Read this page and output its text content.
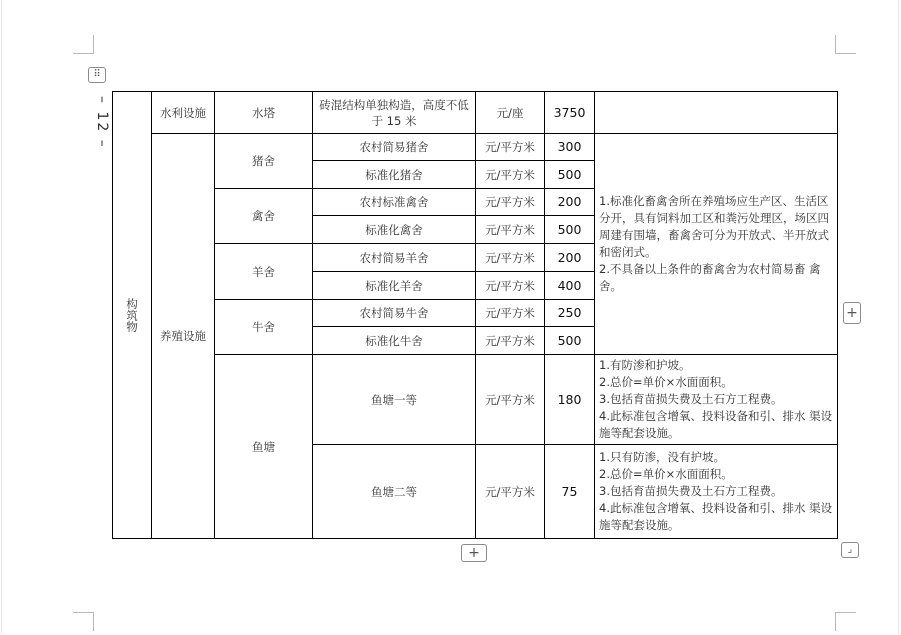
– 12 –
⠿
构筑物	水利设施	水塔	砖混结构单独构造，高度不低于 15 米	元/座	3750	
	养殖设施	猪舍	农村简易猪舍	元/平方米	300	1.标准化畜禽舍所在养殖场应生产区、生活区分开，具有饲料加工区和粪污处理区，场区四周建有围墙，畜禽舍可分为开放式、半开放式和密闭式。

2.不具备以上条件的畜禽舍为农村简易畜 禽舍。

			标准化猪舍	元/平方米	500	
		禽舍	农村标准禽舍	元/平方米	200	
			标准化禽舍	元/平方米	500	
		羊舍	农村简易羊舍	元/平方米	200	
			标准化羊舍	元/平方米	400	
		牛舍	农村简易牛舍	元/平方米	250	
			标准化牛舍	元/平方米	500	
		鱼塘	鱼塘一等	元/平方米	180	1.有防渗和护坡。

2.总价=单价×水面面积。

3.包括育苗损失费及土石方工程费。

4.此标准包含增氧、投料设备和引、排水 渠设施等配套设施。

			鱼塘二等	元/平方米	75	1.只有防渗，没有护坡。

2.总价=单价×水面面积。

3.包括育苗损失费及土石方工程费。

4.此标准包含增氧、投料设备和引、排水 渠设施等配套设施。

+
+	⌟
